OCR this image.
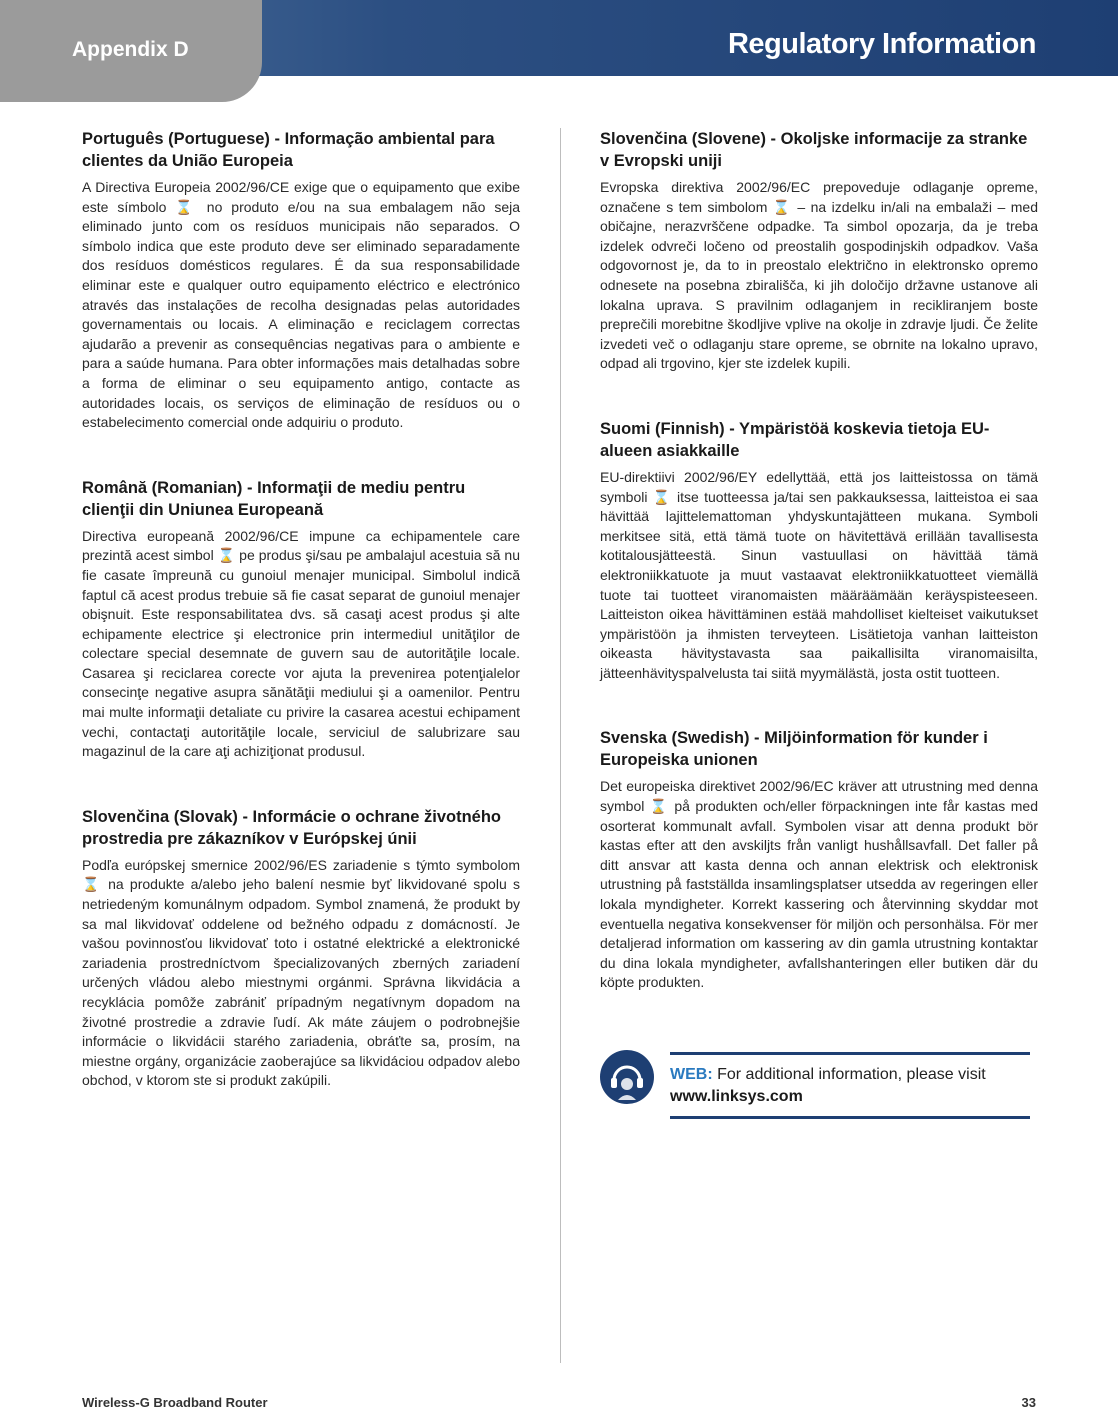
Appendix D	Regulatory Information
Português (Portuguese) - Informação ambiental para clientes da União Europeia

A Directiva Europeia 2002/96/CE exige que o equipamento que exibe este símbolo ⌛ no produto e/ou na sua embalagem não seja eliminado junto com os resíduos municipais não separados. O símbolo indica que este produto deve ser eliminado separadamente dos resíduos domésticos regulares. É da sua responsabilidade eliminar este e qualquer outro equipamento eléctrico e electrónico através das instalações de recolha designadas pelas autoridades governamentais ou locais. A eliminação e reciclagem correctas ajudarão a prevenir as consequências negativas para o ambiente e para a saúde humana. Para obter informações mais detalhadas sobre a forma de eliminar o seu equipamento antigo, contacte as autoridades locais, os serviços de eliminação de resíduos ou o estabelecimento comercial onde adquiriu o produto.

Română (Romanian) - Informaţii de mediu pentru clienţii din Uniunea Europeană

Directiva europeană 2002/96/CE impune ca echipamentele care prezintă acest simbol ⌛ pe produs şi/sau pe ambalajul acestuia să nu fie casate împreună cu gunoiul menajer municipal. Simbolul indică faptul că acest produs trebuie să fie casat separat de gunoiul menajer obişnuit. Este responsabilitatea dvs. să casaţi acest produs şi alte echipamente electrice şi electronice prin intermediul unităţilor de colectare special desemnate de guvern sau de autorităţile locale. Casarea şi reciclarea corecte vor ajuta la prevenirea potenţialelor consecinţe negative asupra sănătăţii mediului şi a oamenilor. Pentru mai multe informaţii detaliate cu privire la casarea acestui echipament vechi, contactaţi autorităţile locale, serviciul de salubrizare sau magazinul de la care aţi achiziţionat produsul.

Slovenčina (Slovak) - Informácie o ochrane životného prostredia pre zákazníkov v Európskej únii

Podľa európskej smernice 2002/96/ES zariadenie s týmto symbolom ⌛ na produkte a/alebo jeho balení nesmie byť likvidované spolu s netriedeným komunálnym odpadom. Symbol znamená, že produkt by sa mal likvidovať oddelene od bežného odpadu z domácností. Je vašou povinnosťou likvidovať toto i ostatné elektrické a elektronické zariadenia prostredníctvom špecializovaných zberných zariadení určených vládou alebo miestnymi orgánmi. Správna likvidácia a recyklácia pomôže zabrániť prípadným negatívnym dopadom na životné prostredie a zdravie ľudí. Ak máte záujem o podrobnejšie informácie o likvidácii starého zariadenia, obráťte sa, prosím, na miestne orgány, organizácie zaoberajúce sa likvidáciou odpadov alebo obchod, v ktorom ste si produkt zakúpili.

Slovenčina (Slovene) - Okoljske informacije za stranke v Evropski uniji

Evropska direktiva 2002/96/EC prepoveduje odlaganje opreme, označene s tem simbolom ⌛ – na izdelku in/ali na embalaži – med običajne, nerazvrščene odpadke. Ta simbol opozarja, da je treba izdelek odvreči ločeno od preostalih gospodinjskih odpadkov. Vaša odgovornost je, da to in preostalo električno in elektronsko opremo odnesete na posebna zbirališča, ki jih določijo državne ustanove ali lokalna uprava. S pravilnim odlaganjem in recikliranjem boste preprečili morebitne škodljive vplive na okolje in zdravje ljudi. Če želite izvedeti več o odlaganju stare opreme, se obrnite na lokalno upravo, odpad ali trgovino, kjer ste izdelek kupili.

Suomi (Finnish) - Ympäristöä koskevia tietoja EU-alueen asiakkaille

EU-direktiivi 2002/96/EY edellyttää, että jos laitteistossa on tämä symboli ⌛ itse tuotteessa ja/tai sen pakkauksessa, laitteistoa ei saa hävittää lajittelemattoman yhdyskuntajätteen mukana. Symboli merkitsee sitä, että tämä tuote on hävitettävä erillään tavallisesta kotitalousjätteestä. Sinun vastuullasi on hävittää tämä elektroniikkatuote ja muut vastaavat elektroniikkatuotteet viemällä tuote tai tuotteet viranomaisten määräämään keräyspisteeseen. Laitteiston oikea hävittäminen estää mahdolliset kielteiset vaikutukset ympäristöön ja ihmisten terveyteen. Lisätietoja vanhan laitteiston oikeasta hävitystavasta saa paikallisilta viranomaisilta, jätteenhävityspalvelusta tai siitä myymälästä, josta ostit tuotteen.

Svenska (Swedish) - Miljöinformation för kunder i Europeiska unionen

Det europeiska direktivet 2002/96/EC kräver att utrustning med denna symbol ⌛ på produkten och/eller förpackningen inte får kastas med osorterat kommunalt avfall. Symbolen visar att denna produkt bör kastas efter att den avskiljts från vanligt hushållsavfall. Det faller på ditt ansvar att kasta denna och annan elektrisk och elektronisk utrustning på fastställda insamlingsplatser utsedda av regeringen eller lokala myndigheter. Korrekt kassering och återvinning skyddar mot eventuella negativa konsekvenser för miljön och personhälsa. För mer detaljerad information om kassering av din gamla utrustning kontaktar du dina lokala myndigheter, avfallshanteringen eller butiken där du köpte produkten.

WEB: For additional information, please visit
www.linksys.com
Wireless-G Broadband Router	33
